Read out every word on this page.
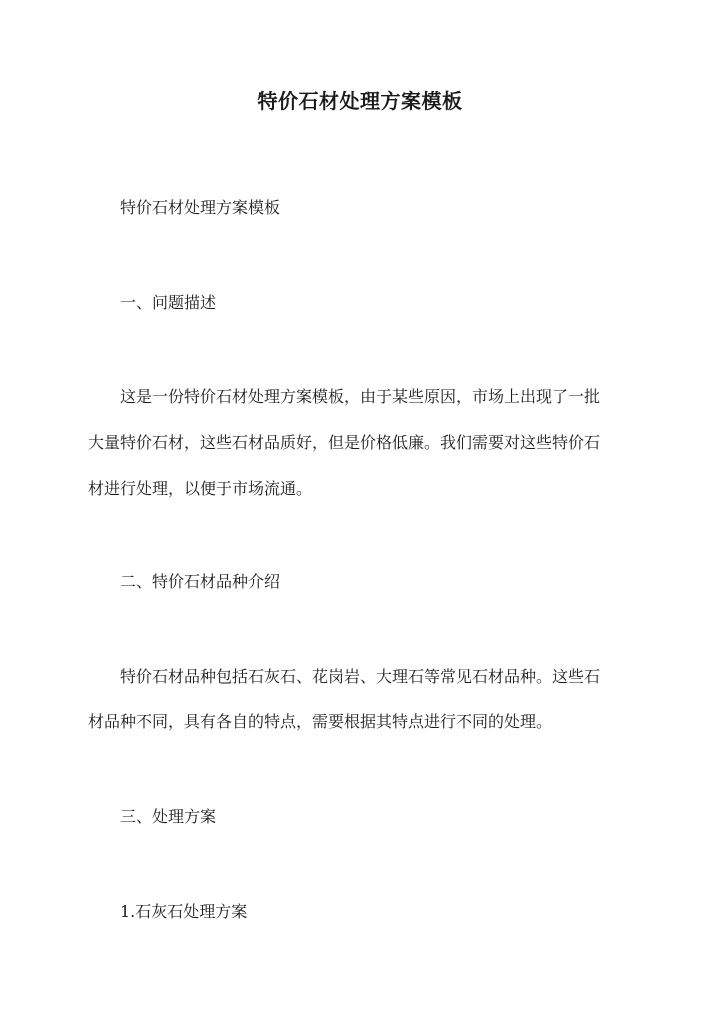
特价石材处理方案模板
特价石材处理方案模板
一、问题描述
这是一份特价石材处理方案模板，由于某些原因，市场上出现了一批
大量特价石材，这些石材品质好，但是价格低廉。我们需要对这些特价石
材进行处理，以便于市场流通。
二、特价石材品种介绍
特价石材品种包括石灰石、花岗岩、大理石等常见石材品种。这些石
材品种不同，具有各自的特点，需要根据其特点进行不同的处理。
三、处理方案
1.石灰石处理方案
